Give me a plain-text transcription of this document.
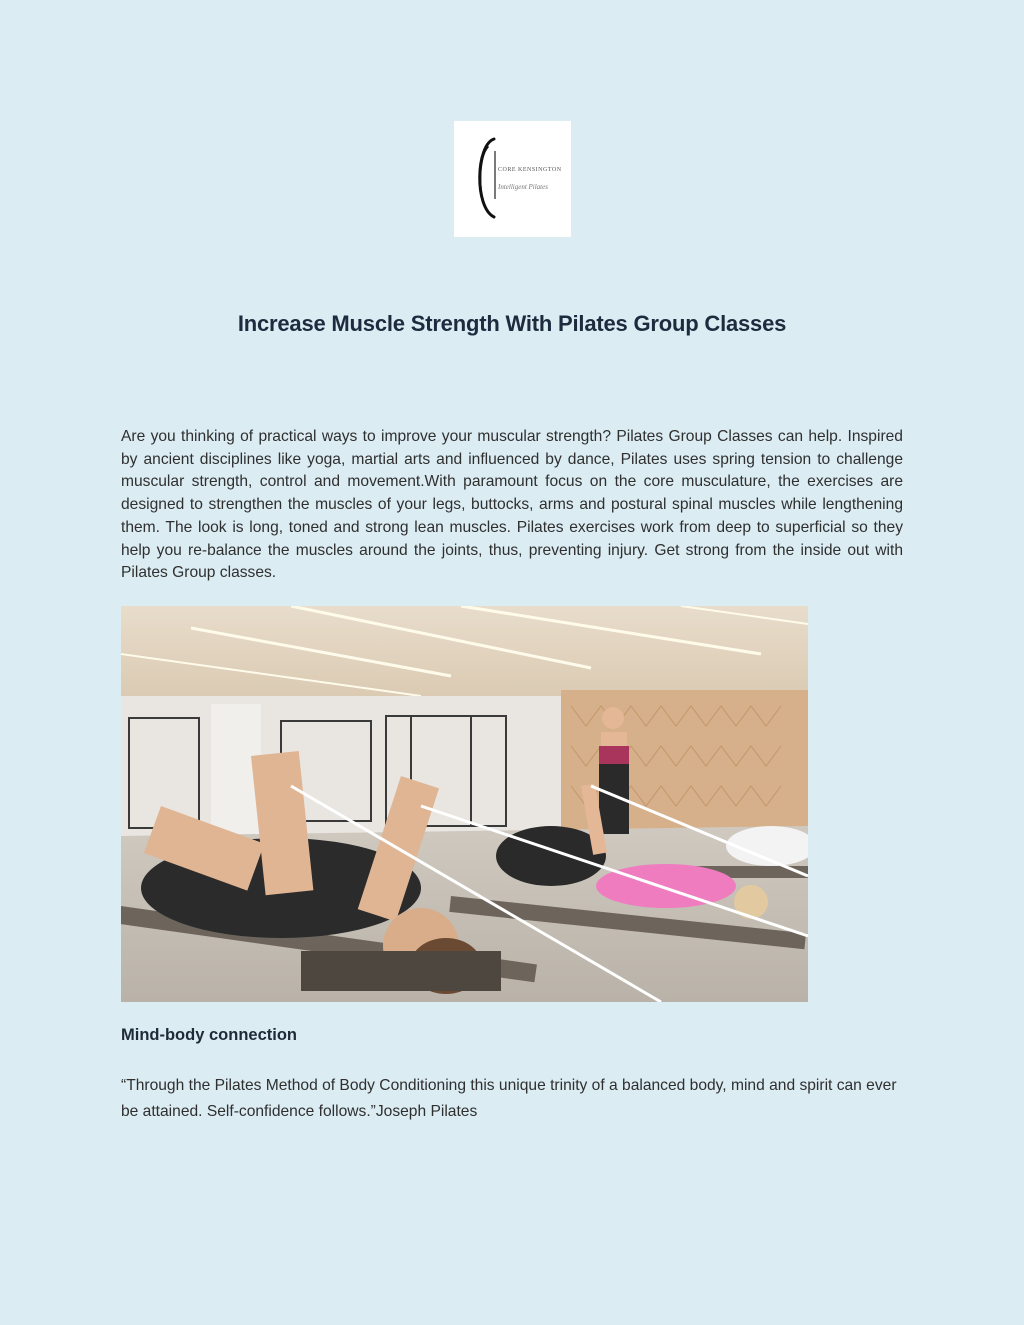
CORE KENSINGTON
Intelligent Pilates
Increase Muscle Strength With Pilates Group Classes

Are you thinking of practical ways to improve your muscular strength? Pilates Group Classes can help. Inspired by ancient disciplines like yoga, martial arts and influenced by dance, Pilates uses spring tension to challenge muscular strength, control and movement.With paramount focus on the core musculature, the exercises are designed to strengthen the muscles of your legs, buttocks, arms and postural spinal muscles while lengthening them. The look is long, toned and strong lean muscles. Pilates exercises work from deep to superficial so they help you re-balance the muscles around the joints, thus, preventing injury. Get strong from the inside out with Pilates Group classes.

Mind-body connection

“Through the Pilates Method of Body Conditioning this unique trinity of a balanced body, mind and spirit can ever be attained. Self-confidence follows.”Joseph Pilates
